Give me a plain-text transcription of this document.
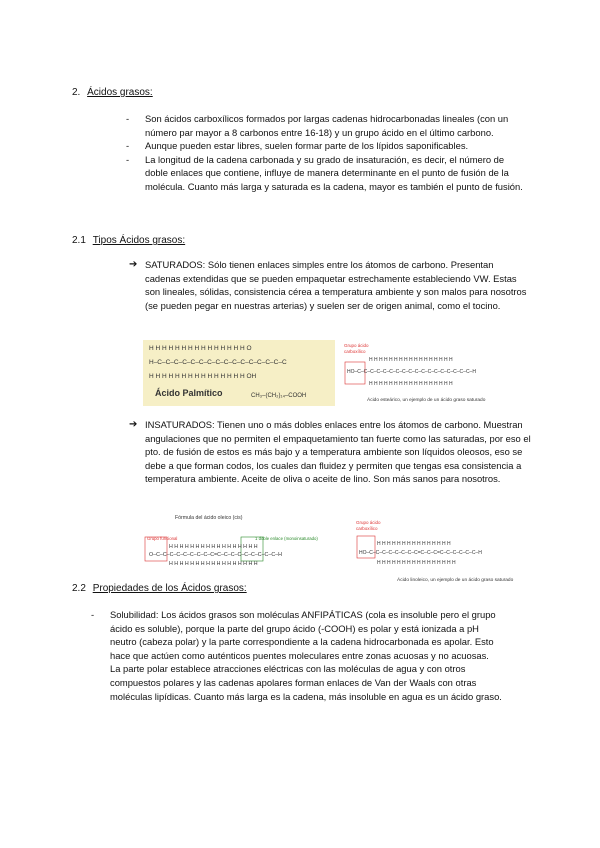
2. Ácidos grasos:
- Son ácidos carboxílicos formados por largas cadenas hidrocarbonadas lineales (con un número par mayor a 8 carbonos entre 16-18) y un grupo ácido en el último carbono.
- Aunque pueden estar libres, suelen formar parte de los lípidos saponificables.
- La longitud de la cadena carbonada y su grado de insaturación, es decir, el número de doble enlaces que contiene, influye de manera determinante en el punto de fusión de la molécula. Cuanto más larga y saturada es la cadena, mayor es también el punto de fusión.
2.1 Tipos Ácidos grasos:
➔ SATURADOS: Sólo tienen enlaces simples entre los átomos de carbono. Presentan cadenas extendidas que se pueden empaquetar estrechamente estableciendo VW. Estas son lineales, sólidas, consistencia cérea a temperatura ambiente y son malos para nosotros (se pueden pegar en nuestras arterias) y suelen ser de origen animal, como el tocino.

H H H H H H H H H H H H H H H O
H–C–C–C–C–C–C–C–C–C–C–C–C–C–C–C–C
H H H H H H H H H H H H H H H OH
Ácido Palmítico	CH₃–(CH₂)₁₄–COOH
Grupo ácido carboxílico
H H H H H H H H H H H H H H H H H
HO–C–C–C–C–C–C–C–C–C–C–C–C–C–C–C–C–C–C–H
H H H H H H H H H H H H H H H H H
Ácido esteárico, un ejemplo de un ácido graso saturado
➔ INSATURADOS: Tienen uno o más dobles enlaces entre los átomos de carbono. Muestran angulaciones que no permiten el empaquetamiento tan fuerte como las saturadas, por eso el pto. de fusión de estos es más bajo y a temperatura ambiente son líquidos oleosos, eso se debe a que forman codos, los cuales dan fluidez y permiten que tengas esa consistencia a temperatura ambiente. Aceite de oliva o aceite de lino. Son más sanos para nosotros.

Fórmula del ácido oleico (cis)
Grupo funcional	1 doble enlace (monoinsaturado)
H H H H H H H H H H H H H H H H H
O–C–C–C–C–C–C–C–C–C=C–C–C–C–C–C–C–C–C–H
H H H H H H H H H H H H H H H H H
Grupo ácido carboxílico
H H H H H H H H H H H H H H H
HO–C–C–C–C–C–C–C–C=C–C–C=C–C–C–C–C–C–H
H H H H H H H H H H H H H H H H
Ácido linoleico, un ejemplo de un ácido graso saturado
2.2 Propiedades de los Ácidos grasos:
- Solubilidad: Los ácidos grasos son moléculas ANFIPÁTICAS (cola es insoluble pero el grupo ácido es soluble), porque la parte del grupo ácido (-COOH) es polar y está ionizada a pH neutro (cabeza polar) y la parte correspondiente a la cadena hidrocarbonada es apolar. Esto hace que actúen como auténticos puentes moleculares entre zonas acuosas y no acuosas.

La parte polar establece atracciones eléctricas con las moléculas de agua y con otros compuestos polares y las cadenas apolares forman enlaces de Van der Waals con otras moléculas lipídicas. Cuanto más larga es la cadena, más insoluble en agua es un ácido graso.
